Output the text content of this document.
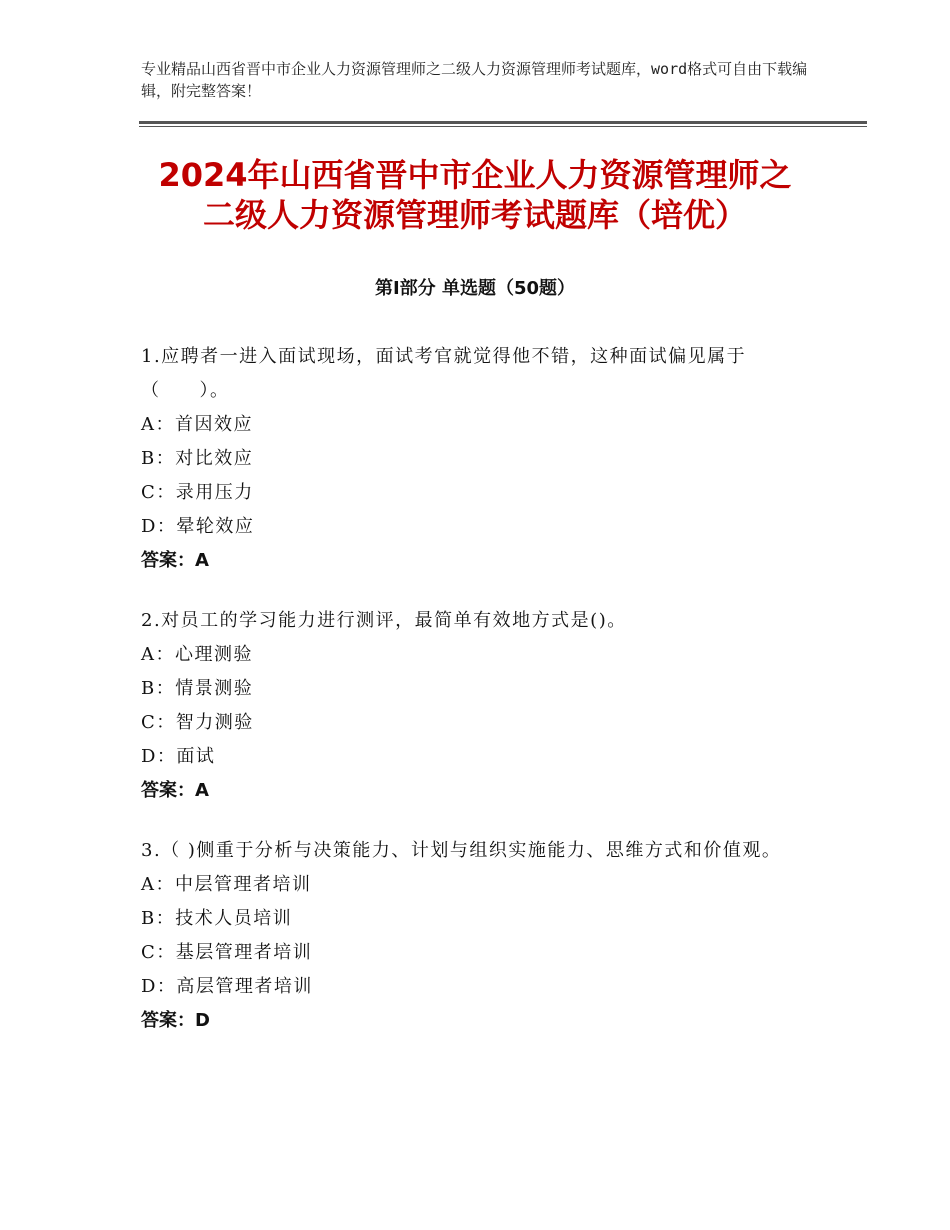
专业精品山西省晋中市企业人力资源管理师之二级人力资源管理师考试题库，word格式可自由下载编辑，附完整答案！

2024年山西省晋中市企业人力资源管理师之
二级人力资源管理师考试题库（培优）
第Ⅰ部分 单选题（50题）

1.应聘者一进入面试现场，面试考官就觉得他不错，这种面试偏见属于（　　）。

A：首因效应

B：对比效应

C：录用压力

D：晕轮效应

答案：A

2.对员工的学习能力进行测评，最简单有效地方式是()。

A：心理测验

B：情景测验

C：智力测验

D：面试

答案：A

3.（ )侧重于分析与决策能力、计划与组织实施能力、思维方式和价值观。

A：中层管理者培训

B：技术人员培训

C：基层管理者培训

D：高层管理者培训

答案：D
